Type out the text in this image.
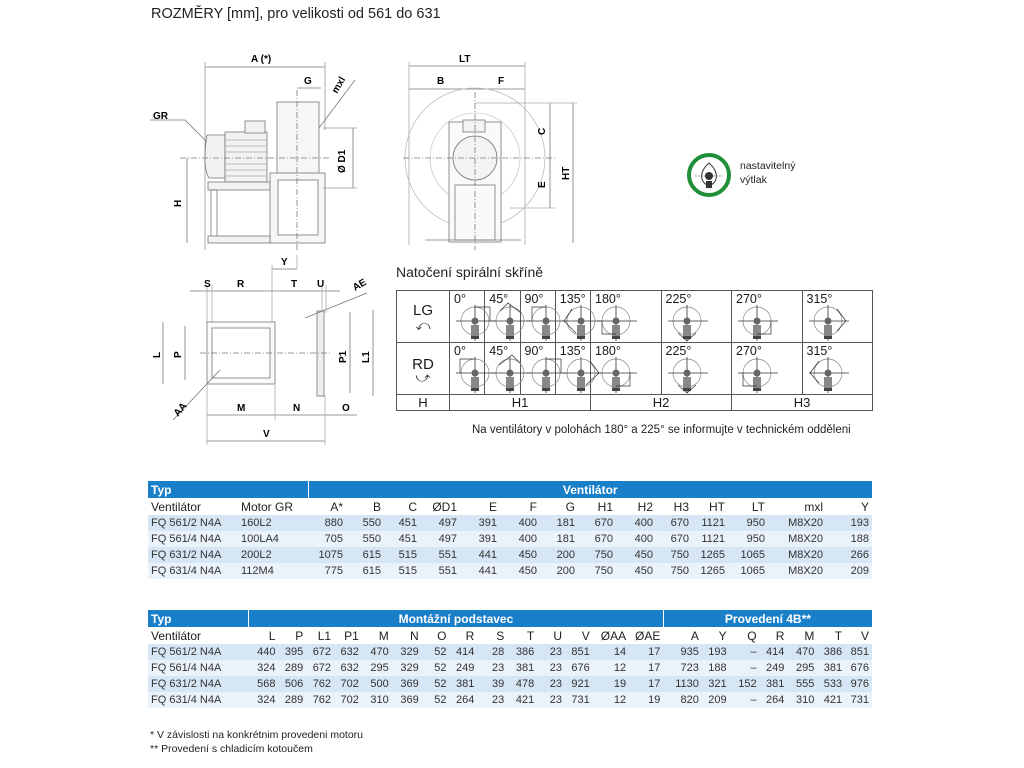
ROZMĚRY [mm], pro velikosti od 561 do 631
A (*)
G mxl
GR
Ø D1
H
LT
B	F
C
E
HT
nastavitelný
výtlak
Y
S	R	T U	AE
L P	P1 L1
AA	M	N	O
V
Natočení spirální skříně
LG
⤺	0°	45°	90°	135°	180°	225°	270°	315°

RD
⤻	0°	45°	90°	135°	180°	225°	270°	315°

H	H1				H2		H3	
Na ventilátory v polohách 180° a 225° se informujte v technickém odděleni
Typ		Ventilátor													
Ventilátor	Motor GR	A*	B	C	ØD1	E	F	G	H1	H2	H3	HT	LT	mxl	Y
FQ 561/2 N4A	160L2	880	550	451	497	391	400	181	670	400	670	1121	950	M8X20	193
FQ 561/4 N4A	100LA4	705	550	451	497	391	400	181	670	400	670	1121	950	M8X20	188
FQ 631/2 N4A	200L2	1075	615	515	551	441	450	200	750	450	750	1265	1065	M8X20	266
FQ 631/4 N4A	112M4	775	615	515	551	441	450	200	750	450	750	1265	1065	M8X20	209
Typ	Montážní podstavec														Provedení 4B**						
Ventilátor	L	P	L1	P1	M	N	O	R	S	T	U	V	ØAA	ØAE	A	Y	Q	R	M	T	V
FQ 561/2 N4A	440	395	672	632	470	329	52	414	28	386	23	851	14	17	935	193	–	414	470	386	851
FQ 561/4 N4A	324	289	672	632	295	329	52	249	23	381	23	676	12	17	723	188	–	249	295	381	676
FQ 631/2 N4A	568	506	762	702	500	369	52	381	39	478	23	921	19	17	1130	321	152	381	555	533	976
FQ 631/4 N4A	324	289	762	702	310	369	52	264	23	421	23	731	12	19	820	209	–	264	310	421	731
* V závislosti na konkrétnim provedeni motoru
** Provedení s chladicím kotoučem
